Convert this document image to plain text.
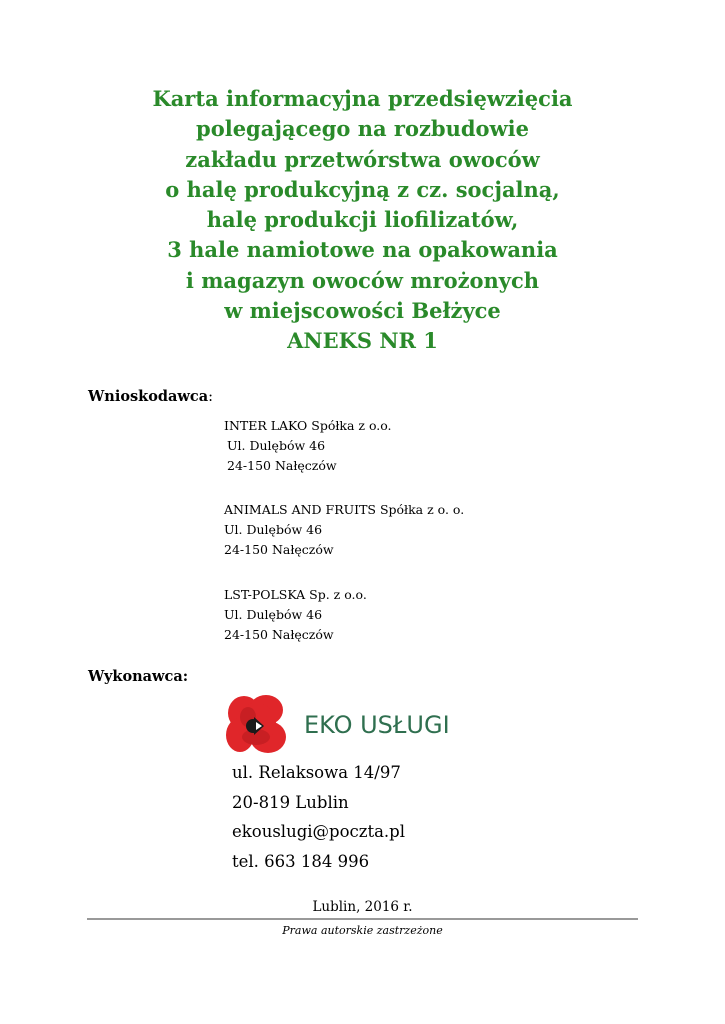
Karta informacyjna przedsięwzięcia
polegającego na rozbudowie
zakładu przetwórstwa owoców
o halę produkcyjną z cz. socjalną,
halę produkcji liofilizatów,
3 hale namiotowe na opakowania
i magazyn owoców mrożonych
w miejscowości Bełżyce
ANEKS NR 1
Wnioskodawca:
INTER LAKO Spółka z o.o.
Ul. Dulębów 46
24-150 Nałęczów
ANIMALS AND FRUITS Spółka z o. o.
Ul. Dulębów 46
24-150 Nałęczów
LST-POLSKA Sp. z o.o.
Ul. Dulębów 46
24-150 Nałęczów
Wykonawca:
EKO USŁUGI
ul. Relaksowa 14/97
20-819 Lublin
ekouslugi@poczta.pl
tel. 663 184 996
Lublin, 2016 r.
Prawa autorskie zastrzeżone
